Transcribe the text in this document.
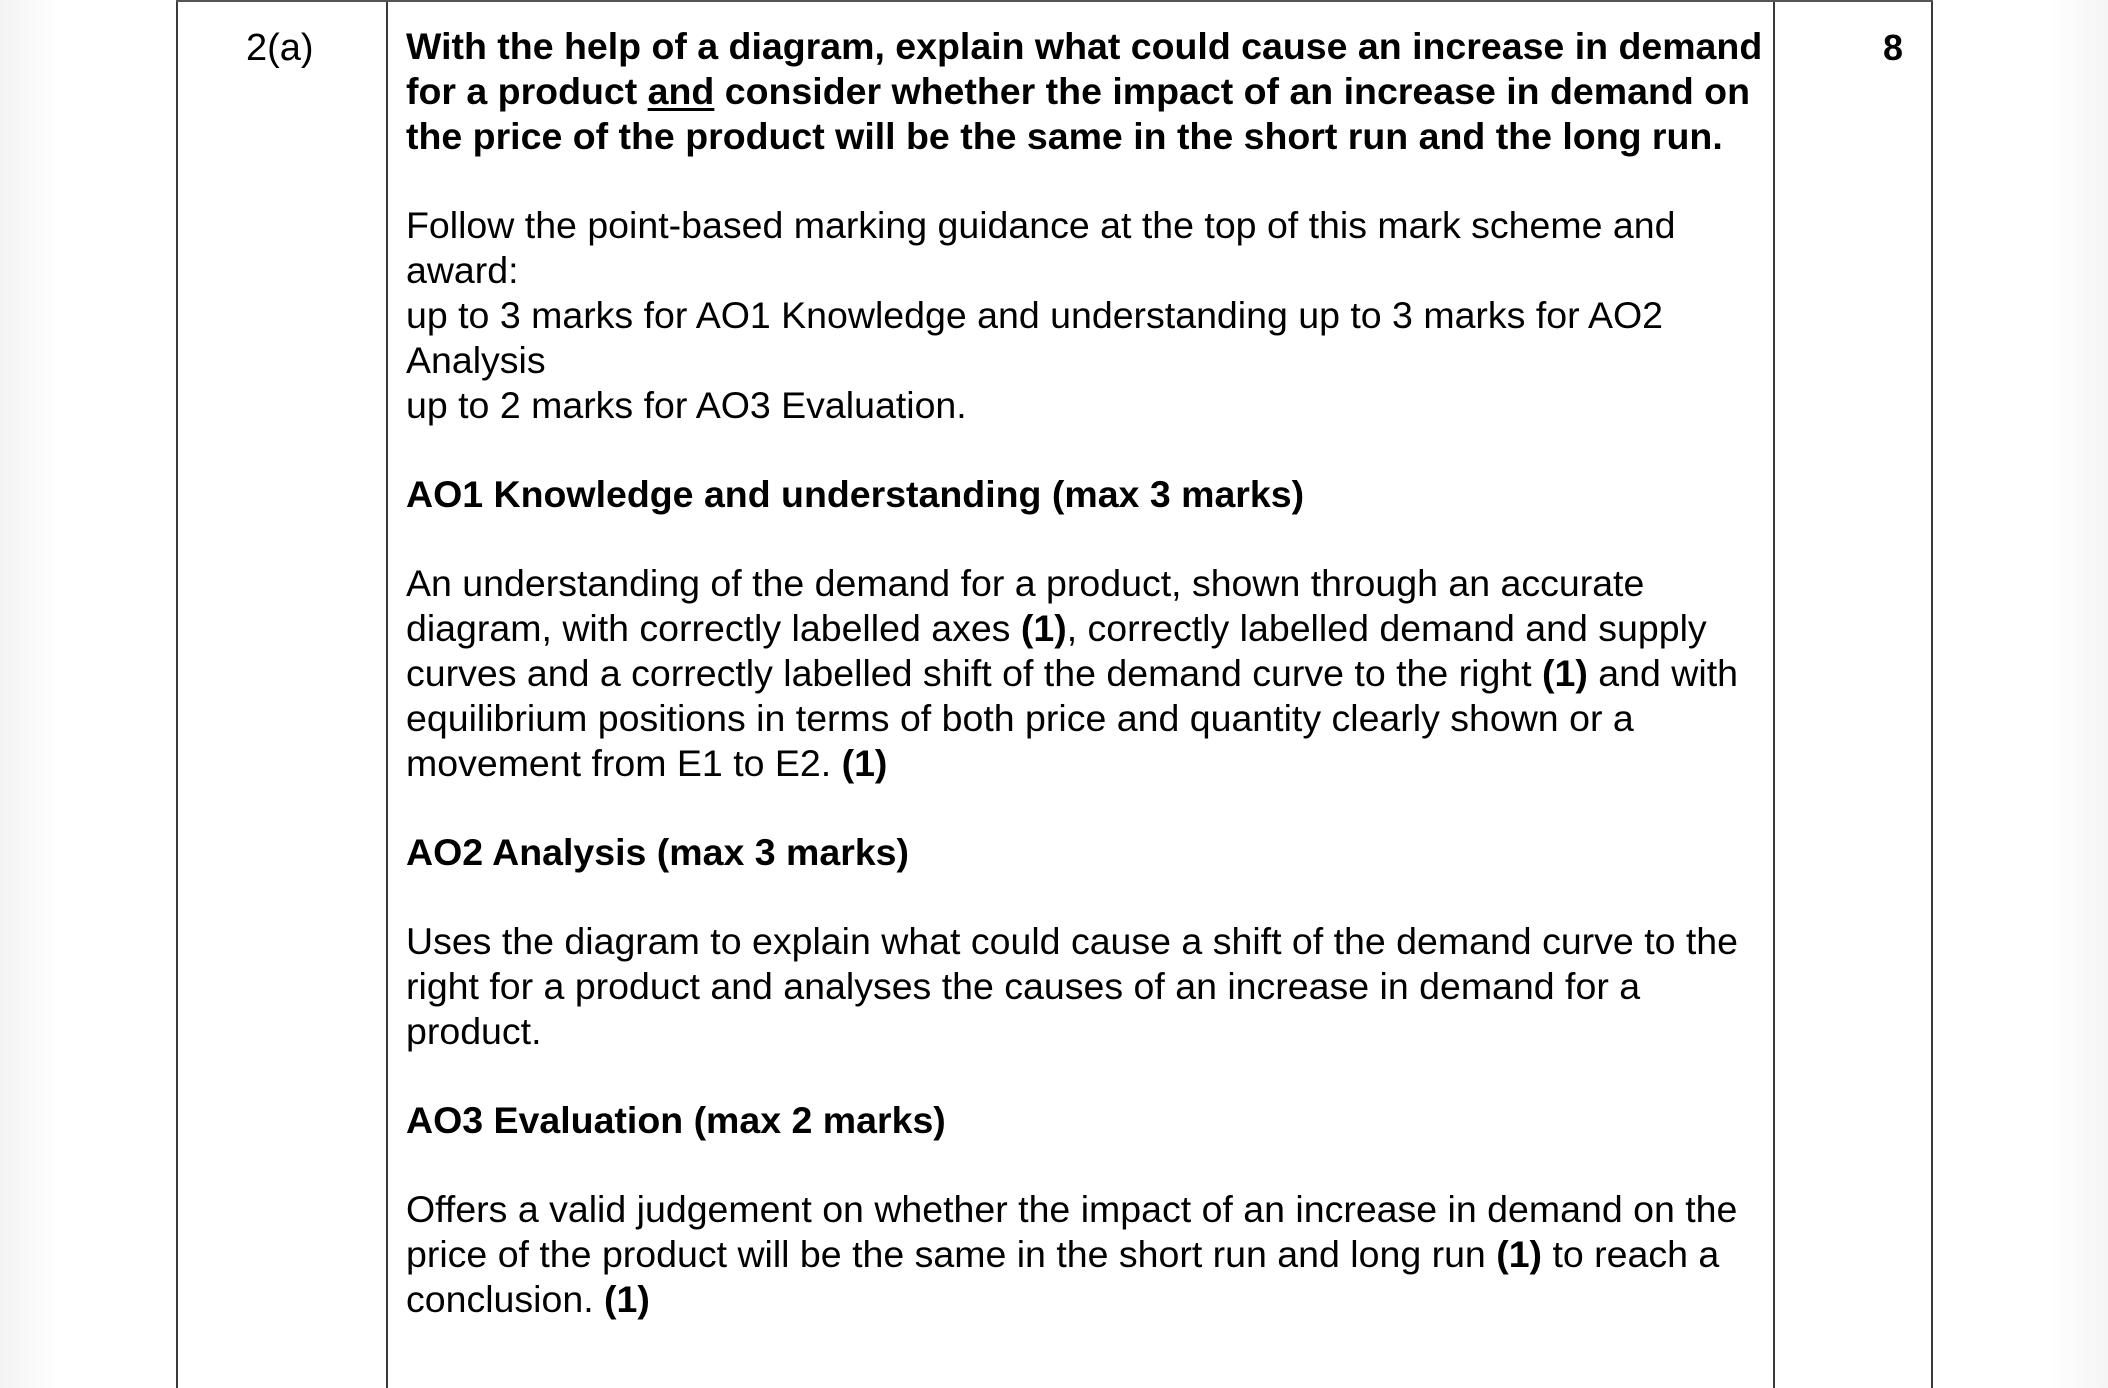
2(a) With the help of a diagram, explain what could cause an increase in demand for a product and consider whether the impact of an increase in demand on the price of the product will be the same in the short run and the long run.

Follow the point-based marking guidance at the top of this mark scheme and award:
up to 3 marks for AO1 Knowledge and understanding up to 3 marks for AO2 Analysis
up to 2 marks for AO3 Evaluation.

AO1 Knowledge and understanding (max 3 marks)

An understanding of the demand for a product, shown through an accurate diagram, with correctly labelled axes (1), correctly labelled demand and supply curves and a correctly labelled shift of the demand curve to the right (1) and with equilibrium positions in terms of both price and quantity clearly shown or a movement from E1 to E2. (1)

AO2 Analysis (max 3 marks)

Uses the diagram to explain what could cause a shift of the demand curve to the right for a product and analyses the causes of an increase in demand for a product.

AO3 Evaluation (max 2 marks)

Offers a valid judgement on whether the impact of an increase in demand on the price of the product will be the same in the short run and long run (1) to reach a conclusion. (1)

8
